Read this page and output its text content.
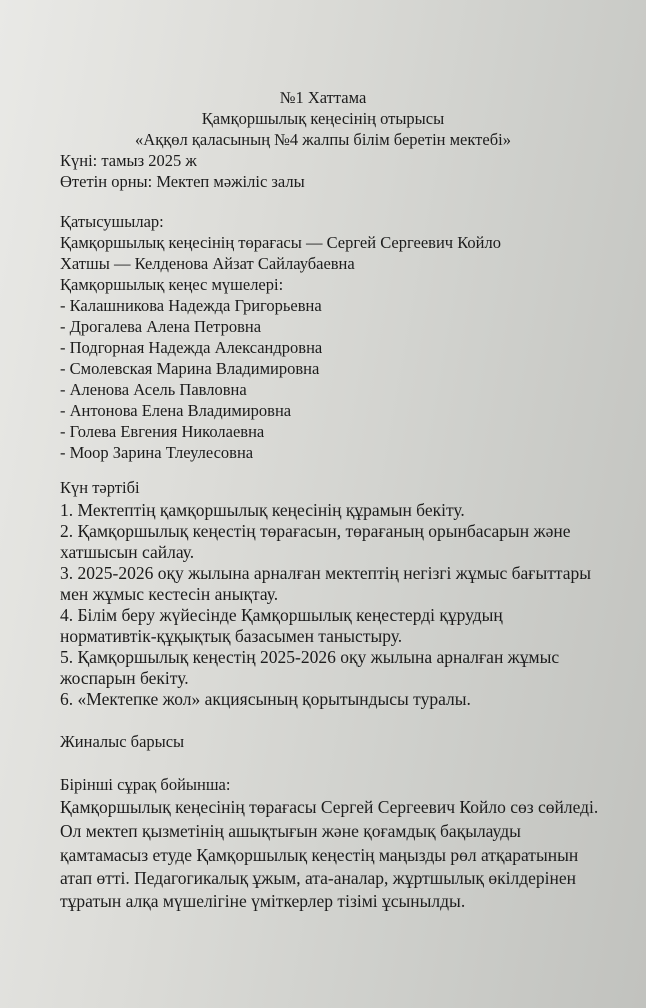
№1 Хаттама

Қамқоршылық кеңесінің отырысы

«Аққөл қаласының №4 жалпы білім беретін мектебі»

Күні: тамыз 2025 ж

Өтетін орны: Мектеп мәжіліс залы

Қатысушылар:

Қамқоршылық кеңесінің төрағасы — Сергей Сергеевич Койло

Хатшы — Келденова Айзат Сайлаубаевна

Қамқоршылық кеңес мүшелері:

- Калашникова Надежда Григорьевна

- Дрогалева Алена Петровна

- Подгорная Надежда Александровна

- Смолевская Марина Владимировна

- Аленова Асель Павловна

- Антонова Елена Владимировна

- Голева Евгения Николаевна

- Моор Зарина Тлеулесовна

Күн тәртібі

1. Мектептің қамқоршылық кеңесінің құрамын бекіту.

2. Қамқоршылық кеңестің төрағасын, төрағаның орынбасарын және

хатшысын сайлау.

3. 2025-2026 оқу жылына арналған мектептің негізгі жұмыс бағыттары

мен жұмыс кестесін анықтау.

4. Білім беру жүйесінде Қамқоршылық кеңестерді құрудың

нормативтік-құқықтық базасымен таныстыру.

5. Қамқоршылық кеңестің 2025-2026 оқу жылына арналған жұмыс

жоспарын бекіту.

6. «Мектепке жол» акциясының қорытындысы туралы.

Жиналыс барысы

Бірінші сұрақ бойынша:

Қамқоршылық кеңесінің төрағасы Сергей Сергеевич Койло сөз сөйледі.

Ол мектеп қызметінің ашықтығын және қоғамдық бақылауды

қамтамасыз етуде Қамқоршылық кеңестің маңызды рөл атқаратынын

атап өтті. Педагогикалық ұжым, ата-аналар, жұртшылық өкілдерінен

тұратын алқа мүшелігіне үміткерлер тізімі ұсынылды.
